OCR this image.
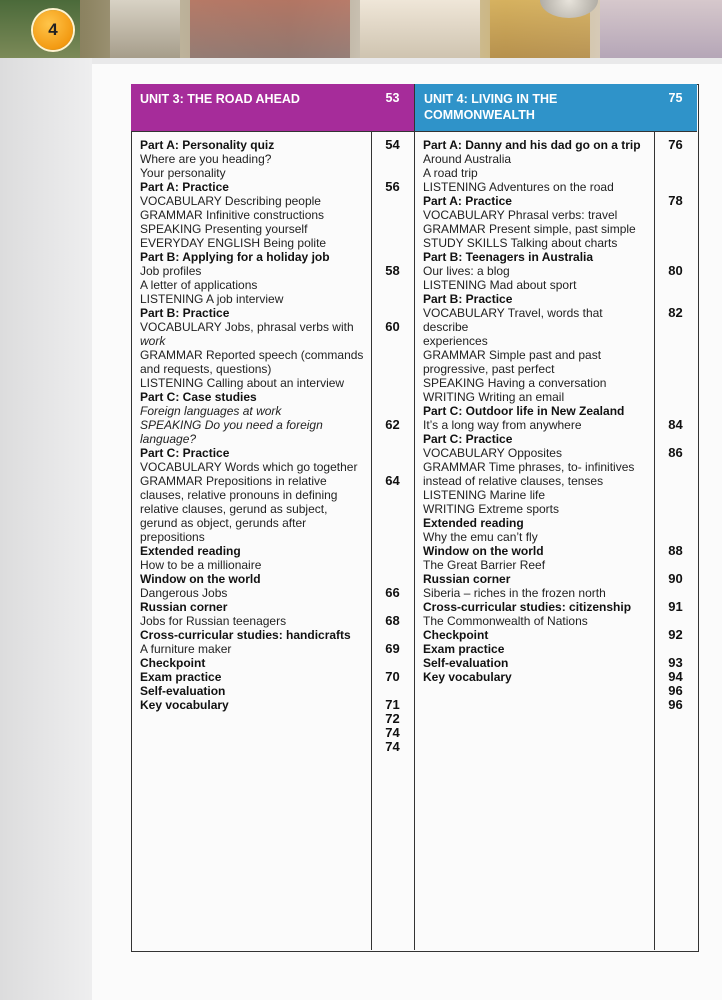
4
UNIT 3: THE ROAD AHEAD	53	UNIT 4: LIVING IN THE COMMONWEALTH
75
Part A: Personality quiz
Where are you heading?
Your personality
Part A: Practice
VOCABULARY Describing people
GRAMMAR Infinitive constructions
SPEAKING Presenting yourself
EVERYDAY ENGLISH Being polite
Part B: Applying for a holiday job
Job profiles
A letter of applications
LISTENING A job interview
Part B: Practice
VOCABULARY Jobs, phrasal verbs with
work
GRAMMAR Reported speech (commands
and requests, questions)
LISTENING Calling about an interview
Part C: Case studies
Foreign languages at work
SPEAKING Do you need a foreign
language?
Part C: Practice
VOCABULARY Words which go together
GRAMMAR Prepositions in relative
clauses, relative pronouns in defining
relative clauses, gerund as subject,
gerund as object, gerunds after
prepositions
Extended reading
How to be a millionaire
Window on the world
Dangerous Jobs
Russian corner
Jobs for Russian teenagers
Cross-curricular studies: handicrafts
A furniture maker
Checkpoint
Exam practice
Self-evaluation
Key vocabulary
54
56
58
60
62
64
66
68
69
70
71
72
74
74
Part A: Danny and his dad go on a trip
Around Australia
A road trip
LISTENING Adventures on the road
Part A: Practice
VOCABULARY Phrasal verbs: travel
GRAMMAR Present simple, past simple
STUDY SKILLS Talking about charts
Part B: Teenagers in Australia
Our lives: a blog
LISTENING Mad about sport
Part B: Practice
VOCABULARY Travel, words that describe
experiences
GRAMMAR Simple past and past
progressive, past perfect
SPEAKING Having a conversation
WRITING Writing an email
Part C: Outdoor life in New Zealand
It’s a long way from anywhere
Part C: Practice
VOCABULARY Opposites
GRAMMAR Time phrases, to- infinitives
instead of relative clauses, tenses
LISTENING Marine life
WRITING Extreme sports
Extended reading
Why the emu can’t fly
Window on the world
The Great Barrier Reef
Russian corner
Siberia – riches in the frozen north
Cross-curricular studies: citizenship
The Commonwealth of Nations
Checkpoint
Exam practice
Self-evaluation
Key vocabulary
76
78
80
82
84
86
88
90
91
92
93
94
96
96
